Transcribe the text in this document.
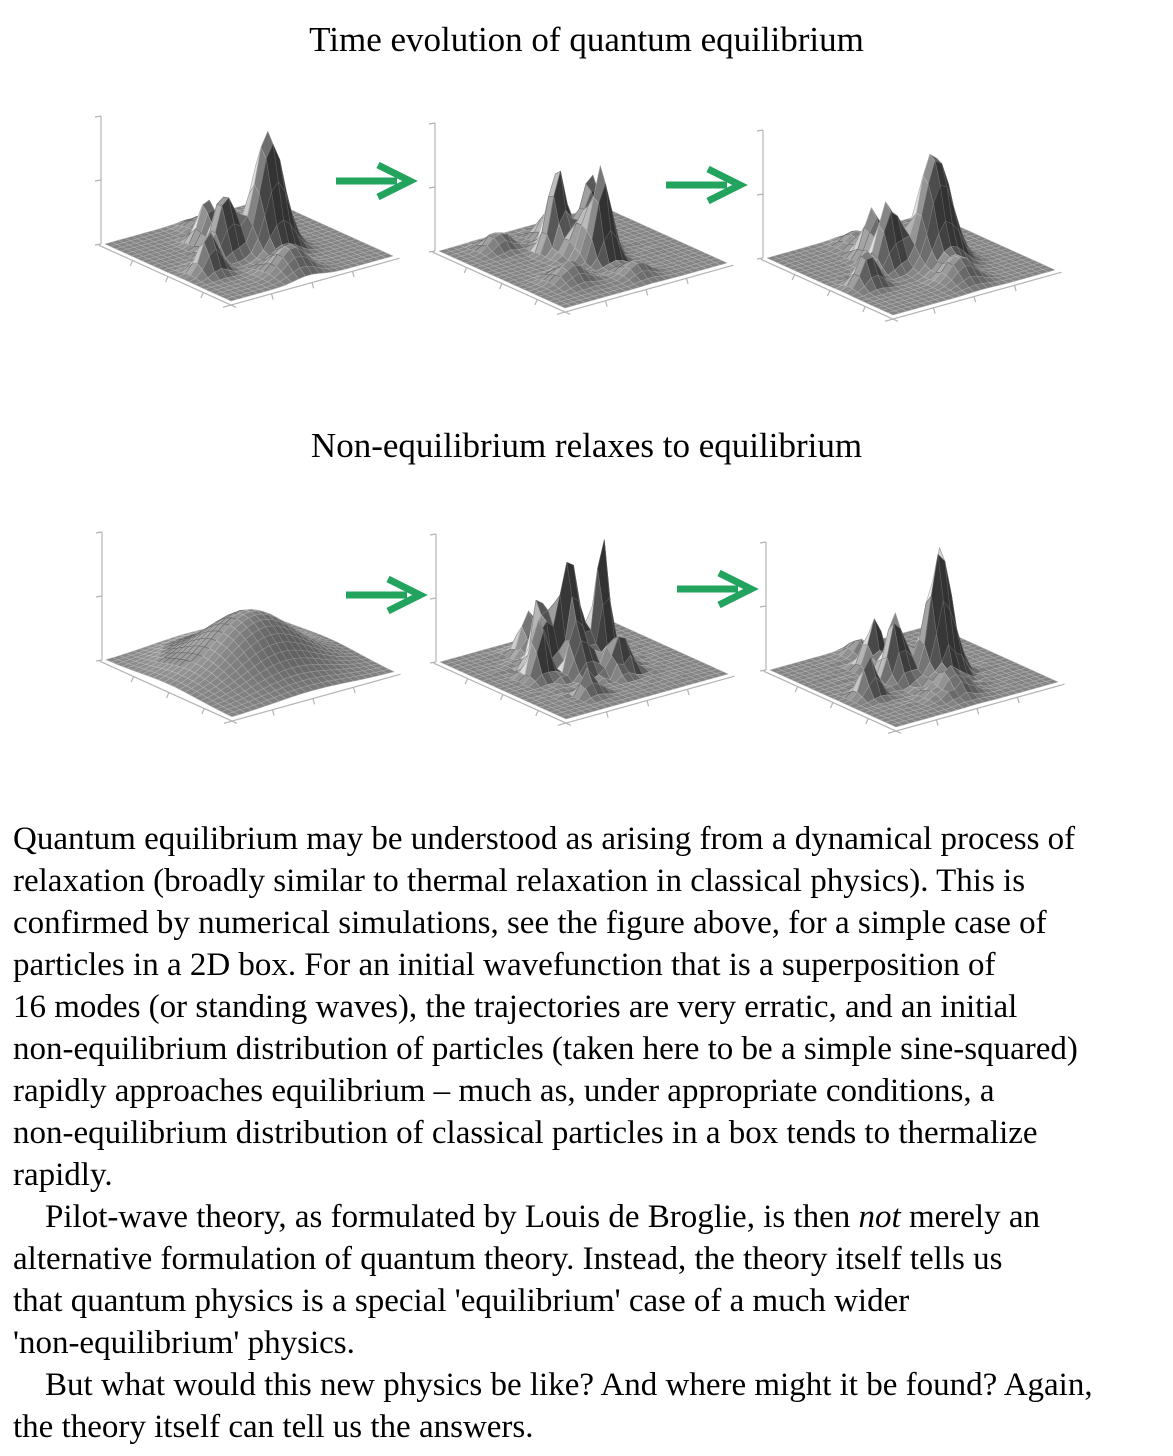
Time evolution of quantum equilibrium
Non-equilibrium relaxes to equilibrium
Quantum equilibrium may be understood as arising from a dynamical process of
relaxation (broadly similar to thermal relaxation in classical physics). This is
confirmed by numerical simulations, see the figure above, for a simple case of
particles in a 2D box. For an initial wavefunction that is a superposition of
16 modes (or standing waves), the trajectories are very erratic, and an initial
non-equilibrium distribution of particles (taken here to be a simple sine-squared)
rapidly approaches equilibrium – much as, under appropriate conditions, a
non-equilibrium distribution of classical particles in a box tends to thermalize
rapidly.
Pilot-wave theory, as formulated by Louis de Broglie, is then not merely an
alternative formulation of quantum theory. Instead, the theory itself tells us
that quantum physics is a special 'equilibrium' case of a much wider
'non-equilibrium' physics.
But what would this new physics be like? And where might it be found? Again,
the theory itself can tell us the answers.
